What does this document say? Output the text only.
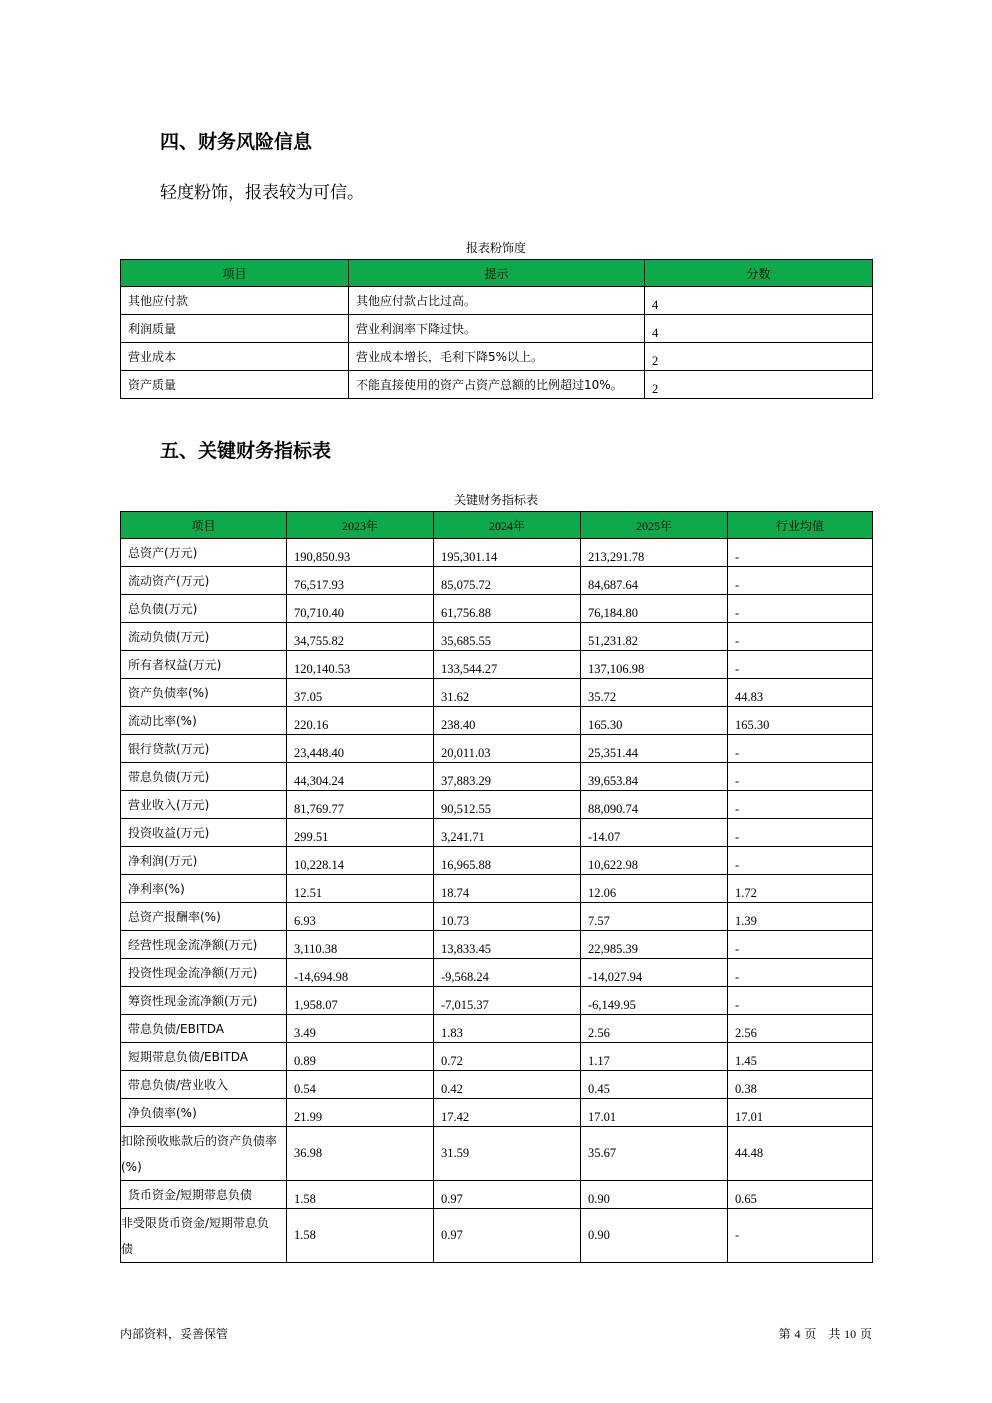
四、财务风险信息
轻度粉饰，报表较为可信。
报表粉饰度
项目	提示	分数
其他应付款	其他应付款占比过高。	4
利润质量	营业利润率下降过快。	4
营业成本	营业成本增长，毛利下降5%以上。	2
资产质量	不能直接使用的资产占资产总额的比例超过10%。	2
五、关键财务指标表
关键财务指标表
项目	2023年	2024年	2025年	行业均值
总资产(万元)	190,850.93	195,301.14	213,291.78	-
流动资产(万元)	76,517.93	85,075.72	84,687.64	-
总负债(万元)	70,710.40	61,756.88	76,184.80	-
流动负债(万元)	34,755.82	35,685.55	51,231.82	-
所有者权益(万元)	120,140.53	133,544.27	137,106.98	-
资产负债率(%)	37.05	31.62	35.72	44.83
流动比率(%)	220.16	238.40	165.30	165.30
银行贷款(万元)	23,448.40	20,011.03	25,351.44	-
带息负债(万元)	44,304.24	37,883.29	39,653.84	-
营业收入(万元)	81,769.77	90,512.55	88,090.74	-
投资收益(万元)	299.51	3,241.71	-14.07	-
净利润(万元)	10,228.14	16,965.88	10,622.98	-
净利率(%)	12.51	18.74	12.06	1.72
总资产报酬率(%)	6.93	10.73	7.57	1.39
经营性现金流净额(万元)	3,110.38	13,833.45	22,985.39	-
投资性现金流净额(万元)	-14,694.98	-9,568.24	-14,027.94	-
筹资性现金流净额(万元)	1,958.07	-7,015.37	-6,149.95	-
带息负债/EBITDA	3.49	1.83	2.56	2.56
短期带息负债/EBITDA	0.89	0.72	1.17	1.45
带息负债/营业收入	0.54	0.42	0.45	0.38
净负债率(%)	21.99	17.42	17.01	17.01
扣除预收账款后的资产负债率(%)	36.98	31.59	35.67	44.48
货币资金/短期带息负债	1.58	0.97	0.90	0.65
非受限货币资金/短期带息负债	1.58	0.97	0.90	-
内部资料，妥善保管	第 4 页　共 10 页
